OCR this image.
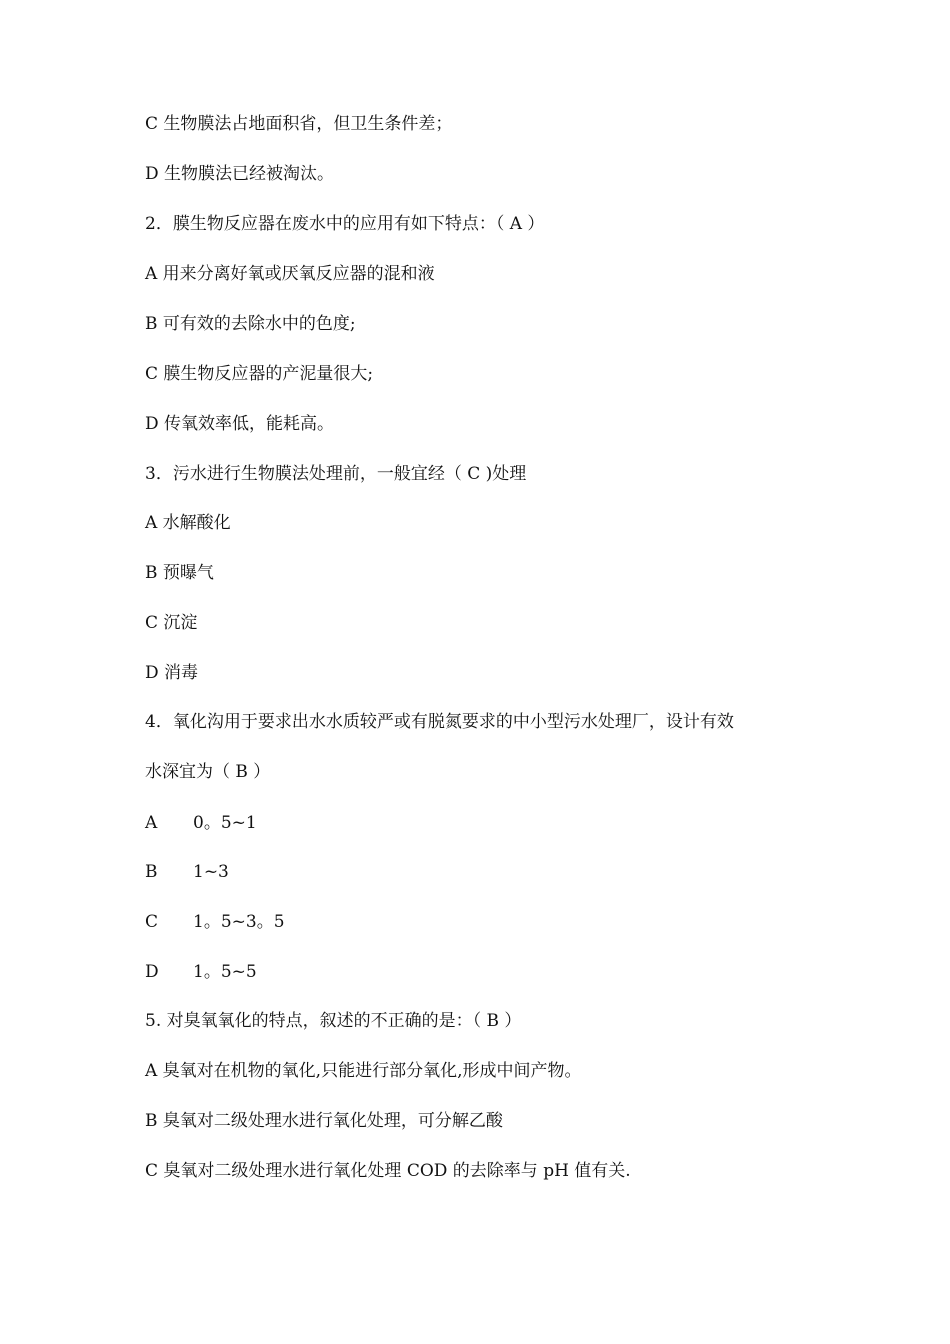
C 生物膜法占地面积省，但卫生条件差；
D 生物膜法已经被淘汰。
2．膜生物反应器在废水中的应用有如下特点：（ A ）
A 用来分离好氧或厌氧反应器的混和液
B 可有效的去除水中的色度;
C 膜生物反应器的产泥量很大;
D 传氧效率低，能耗高。
3．污水进行生物膜法处理前，一般宜经（ C )处理
A 水解酸化
B 预曝气
C 沉淀
D 消毒
4．氧化沟用于要求出水水质较严或有脱氮要求的中小型污水处理厂，设计有效
水深宜为（ B ）
A 0。5~1
B 1~3
C 1。5~3。5
D 1。5~5
5. 对臭氧氧化的特点，叙述的不正确的是：（ B ）
A 臭氧对在机物的氧化,只能进行部分氧化,形成中间产物。
B 臭氧对二级处理水进行氧化处理，可分解乙酸
C 臭氧对二级处理水进行氧化处理 COD 的去除率与 pH 值有关.
